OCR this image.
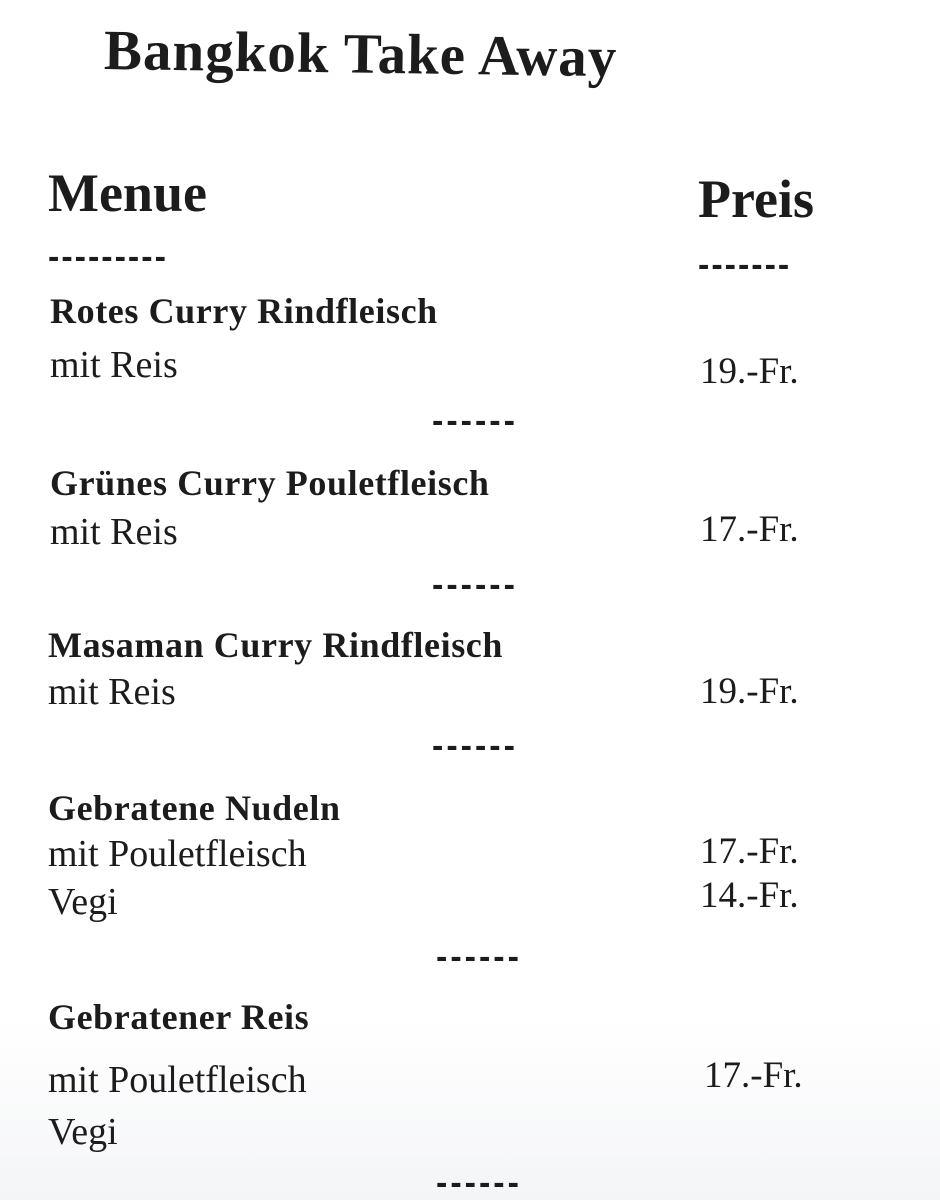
Bangkok Take Away
Menue	Preis
---------	-------
Rotes Curry Rindfleisch
mit Reis	19.-Fr.
------
Grünes Curry Pouletfleisch
mit Reis	17.-Fr.
------
Masaman Curry Rindfleisch
mit Reis	19.-Fr.
------
Gebratene Nudeln
mit Pouletfleisch	17.-Fr.
Vegi	14.-Fr.
------
Gebratener Reis
mit Pouletfleisch	17.-Fr.
Vegi
------
